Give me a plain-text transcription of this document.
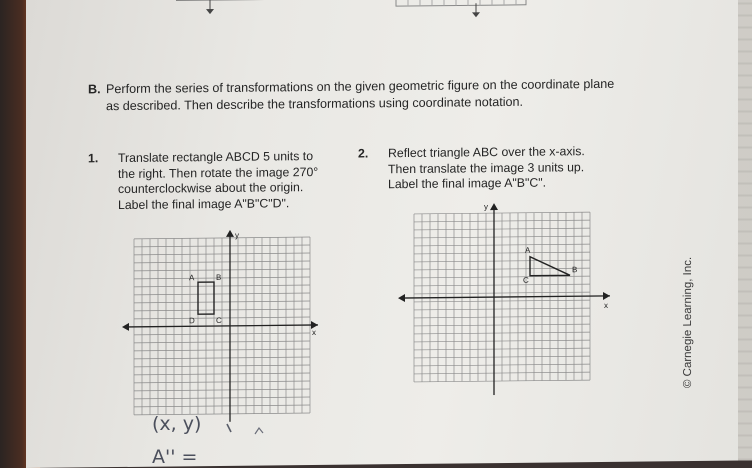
B. Perform the series of transformations on the given geometric figure on the coordinate plane
as described. Then describe the transformations using coordinate notation.
1. Translate rectangle ABCD 5 units to
the right. Then rotate the image 270°
counterclockwise about the origin.
Label the final image A"B"C"D".
2. Reflect triangle ABC over the x-axis.
Then translate the image 3 units up.
Label the final image A"B"C".
y
x
A	B
C
D
y
x
A
B
C	© Carnegie Learning, Inc.
(x, y)
A'' =
